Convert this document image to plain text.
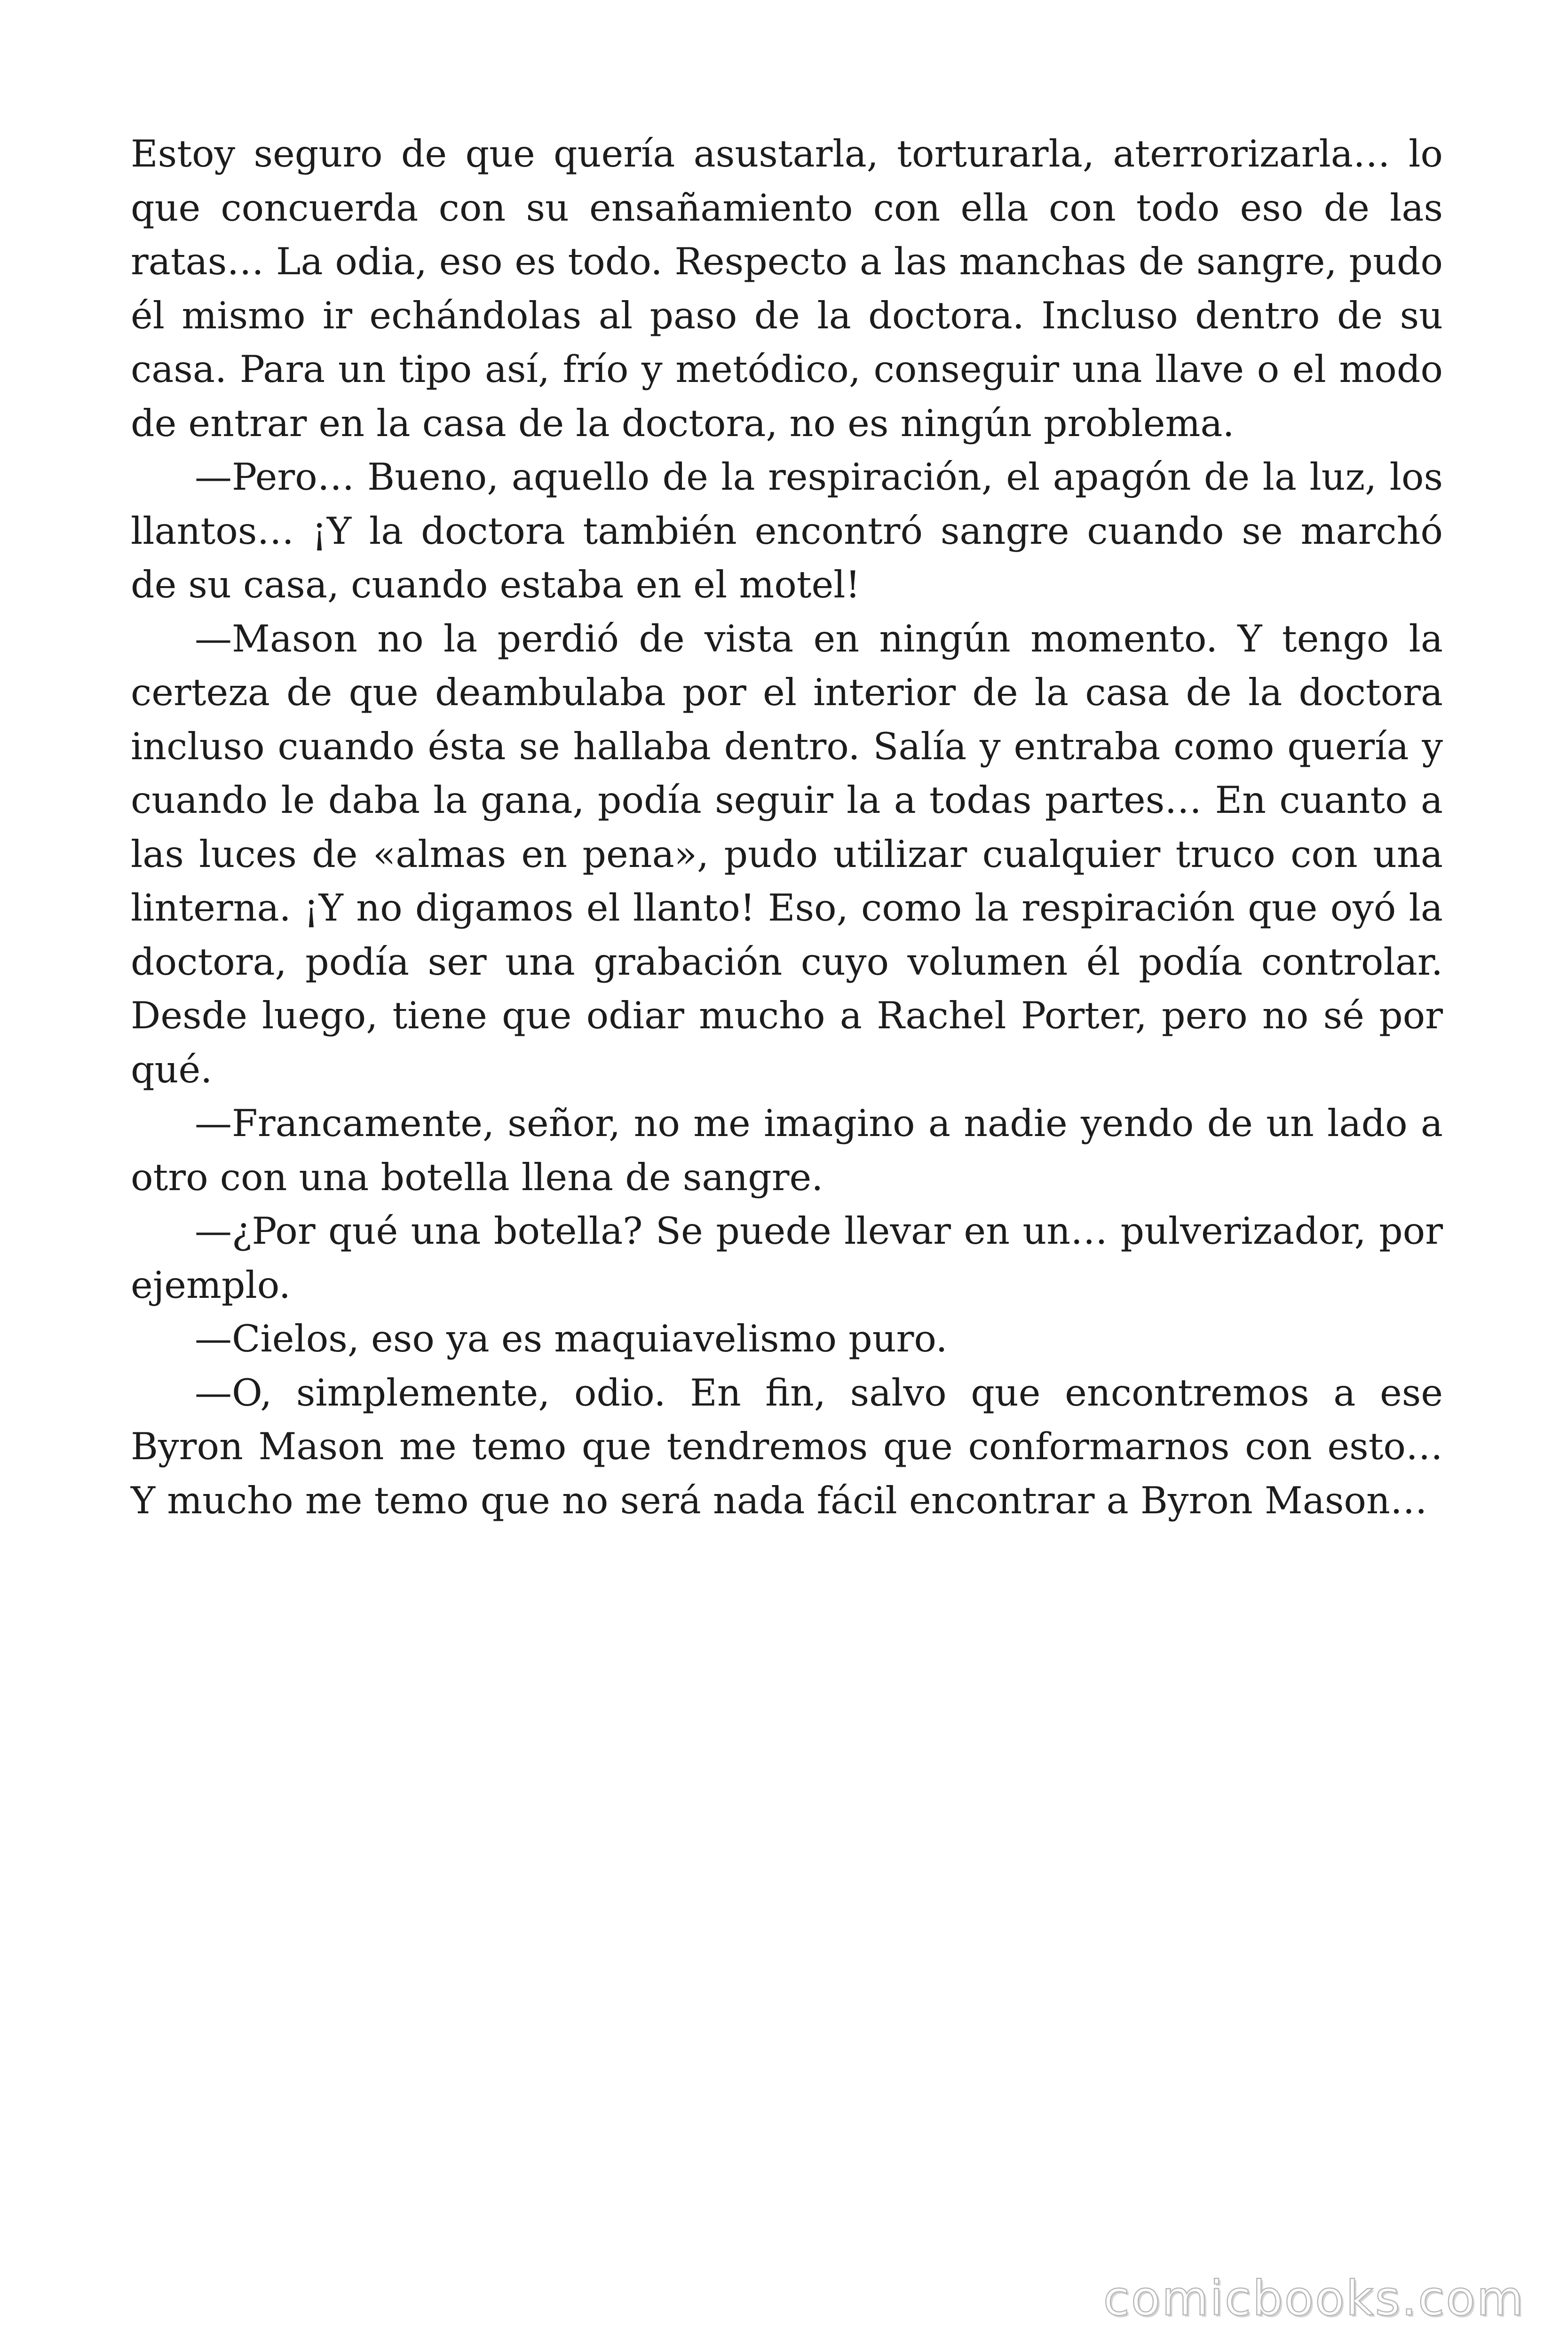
Estoy seguro de que quería asustarla, torturarla, aterrorizarla… lo que concuerda con su ensañamiento con ella con todo eso de las ratas… La odia, eso es todo. Respecto a las manchas de sangre, pudo él mismo ir echándolas al paso de la doctora. Incluso dentro de su casa. Para un tipo así, frío y metódico, conseguir una llave o el modo de entrar en la casa de la doctora, no es ningún problema.

—Pero… Bueno, aquello de la respiración, el apagón de la luz, los llantos… ¡Y la doctora también encontró sangre cuando se marchó de su casa, cuando estaba en el motel!

—Mason no la perdió de vista en ningún momento. Y tengo la certeza de que deambulaba por el interior de la casa de la doctora incluso cuando ésta se hallaba dentro. Salía y entraba como quería y cuando le daba la gana, podía seguir la a todas partes… En cuanto a las luces de «almas en pena», pudo utilizar cualquier truco con una linterna. ¡Y no digamos el llanto! Eso, como la respiración que oyó la doctora, podía ser una grabación cuyo volumen él podía controlar. Desde luego, tiene que odiar mucho a Rachel Porter, pero no sé por qué.

—Francamente, señor, no me imagino a nadie yendo de un lado a otro con una botella llena de sangre.

—¿Por qué una botella? Se puede llevar en un… pulverizador, por ejemplo.

—Cielos, eso ya es maquiavelismo puro.

—O, simplemente, odio. En fin, salvo que encontremos a ese Byron Mason me temo que tendremos que conformarnos con esto… Y mucho me temo que no será nada fácil encontrar a Byron Mason…

comicbooks.com
